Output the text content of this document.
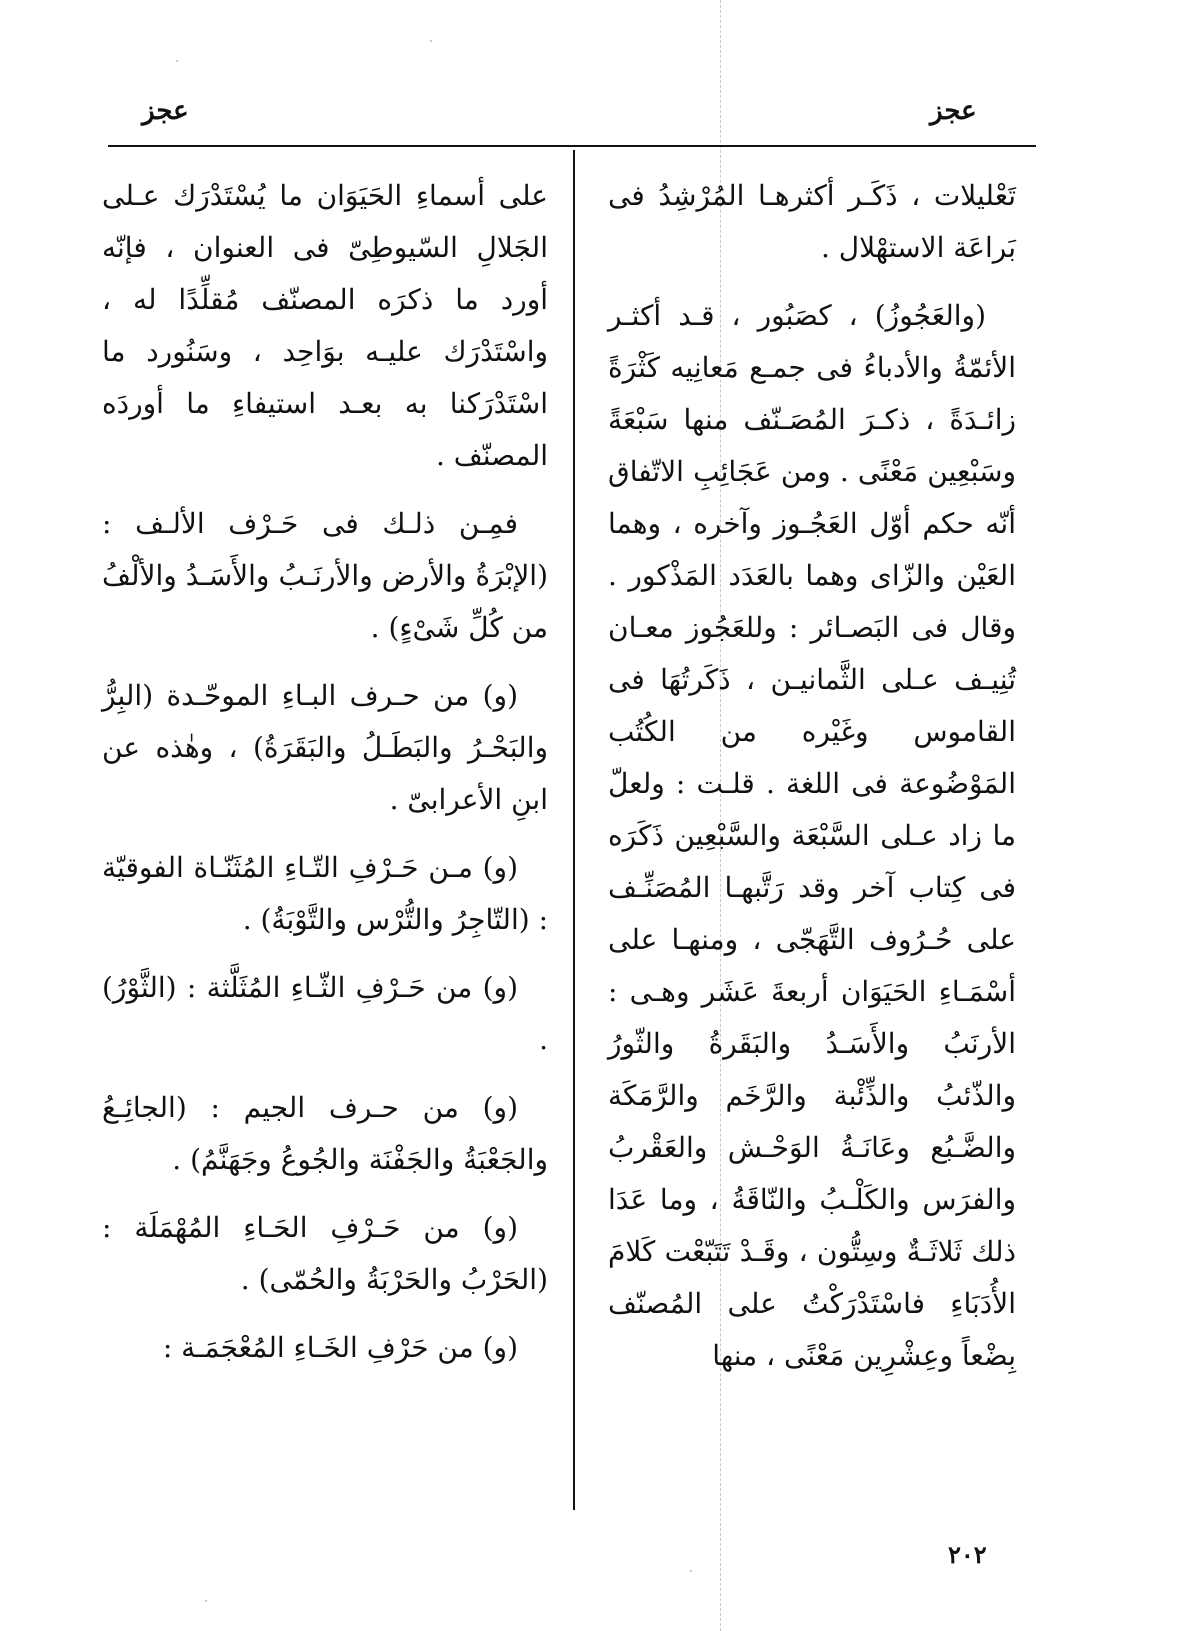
عجز
عجز

تَعْليلات ، ذَكَـر أكثرهـا المُرْشِدُ فى بَراعَة الاستهْلال .

(والعَجُوزُ) ، كصَبُور ، قـد أكثـر الأئمّةُ والأدباءُ فى جمـع مَعانِيه كَثْرَةً زائـدَةً ، ذكـرَ المُصَـنّف منها سَبْعَةً وسَبْعِين مَعْنًى . ومن عَجَائِبِ الاتّفاق أنّه حكم أوّل العَجُـوز وآخره ، وهما العَيْن والزّاى وهما بالعَدَد المَذْكور . وقال فى البَصـائر : وللعَجُوز معـان تُنِيـف عـلى الثَّمانيـن ، ذَكَرتُهَا فى القاموس وغَيْره من الكُتُب المَوْضُوعة فى اللغة . قلـت : ولعلّ ما زاد عـلى السَّبْعَة والسَّبْعِين ذَكَرَه فى كِتاب آخر وقد رَتَّبهـا المُصَنِّـف على حُـرُوف التَّهَجّى ، ومنهـا على أسْمَـاءِ الحَيَوَان أربعةَ عَشَر وهـى : الأرنَبُ والأَسَـدُ والبَقَرةُ والثّورُ والذّئبُ والذِّئْبة والرَّخَم والرَّمَكَة والضَّـبُع وعَانَـةُ الوَحْـش والعَقْربُ والفرَس والكَلْـبُ والنّاقَةُ ، وما عَدَا ذلك ثَلاثَـةٌ وسِتُّون ، وقَـدْ تَتَبّعْت كَلامَ الأُدَبَاءِ فاسْتَدْرَكْتُ على المُصنّف بِضْعاً وعِشْرِين مَعْنًى ، منها

على أسماءِ الحَيَوَان ما يُسْتَدْرَك عـلى الجَلالِ السّيوطِىّ فى العنوان ، فإنّه أورد ما ذكرَه المصنّف مُقلِّدًا له ، واسْتَدْرَك عليـه بوَاحِد ، وسَنُورد ما اسْتَدْرَكنا به بعـد استيفاءِ ما أوردَه المصنّف .

فمِـن ذلـك فى حَـرْف الألـف : (الإبْرَةُ والأرض والأرنَـبُ والأَسَـدُ والألْفُ من كُلِّ شَىْءٍ) .

(و) من حـرف البـاءِ الموحّـدة (البِرُّ والبَحْـرُ والبَطَـلُ والبَقَرَةُ) ، وهٰذه عن ابنِ الأعرابىّ .

(و) مـن حَـرْفِ التّـاءِ المُثَنّـاة الفوقيّة : (التّاجِرُ والتُّرْس والتَّوْبَةُ) .

(و) من حَـرْفِ الثّـاءِ المُثَلَّثة : (الثَّوْرُ) .

(و) من حـرف الجيم : (الجائِـعُ والجَعْبَةُ والجَفْنَة والجُوعُ وجَهَنَّمُ) .

(و) من حَـرْفِ الحَـاءِ المُهْمَلَة : (الحَرْبُ والحَرْبَةُ والحُمّى) .

(و) من حَرْفِ الخَـاءِ المُعْجَمَـة :

٢٠٢
